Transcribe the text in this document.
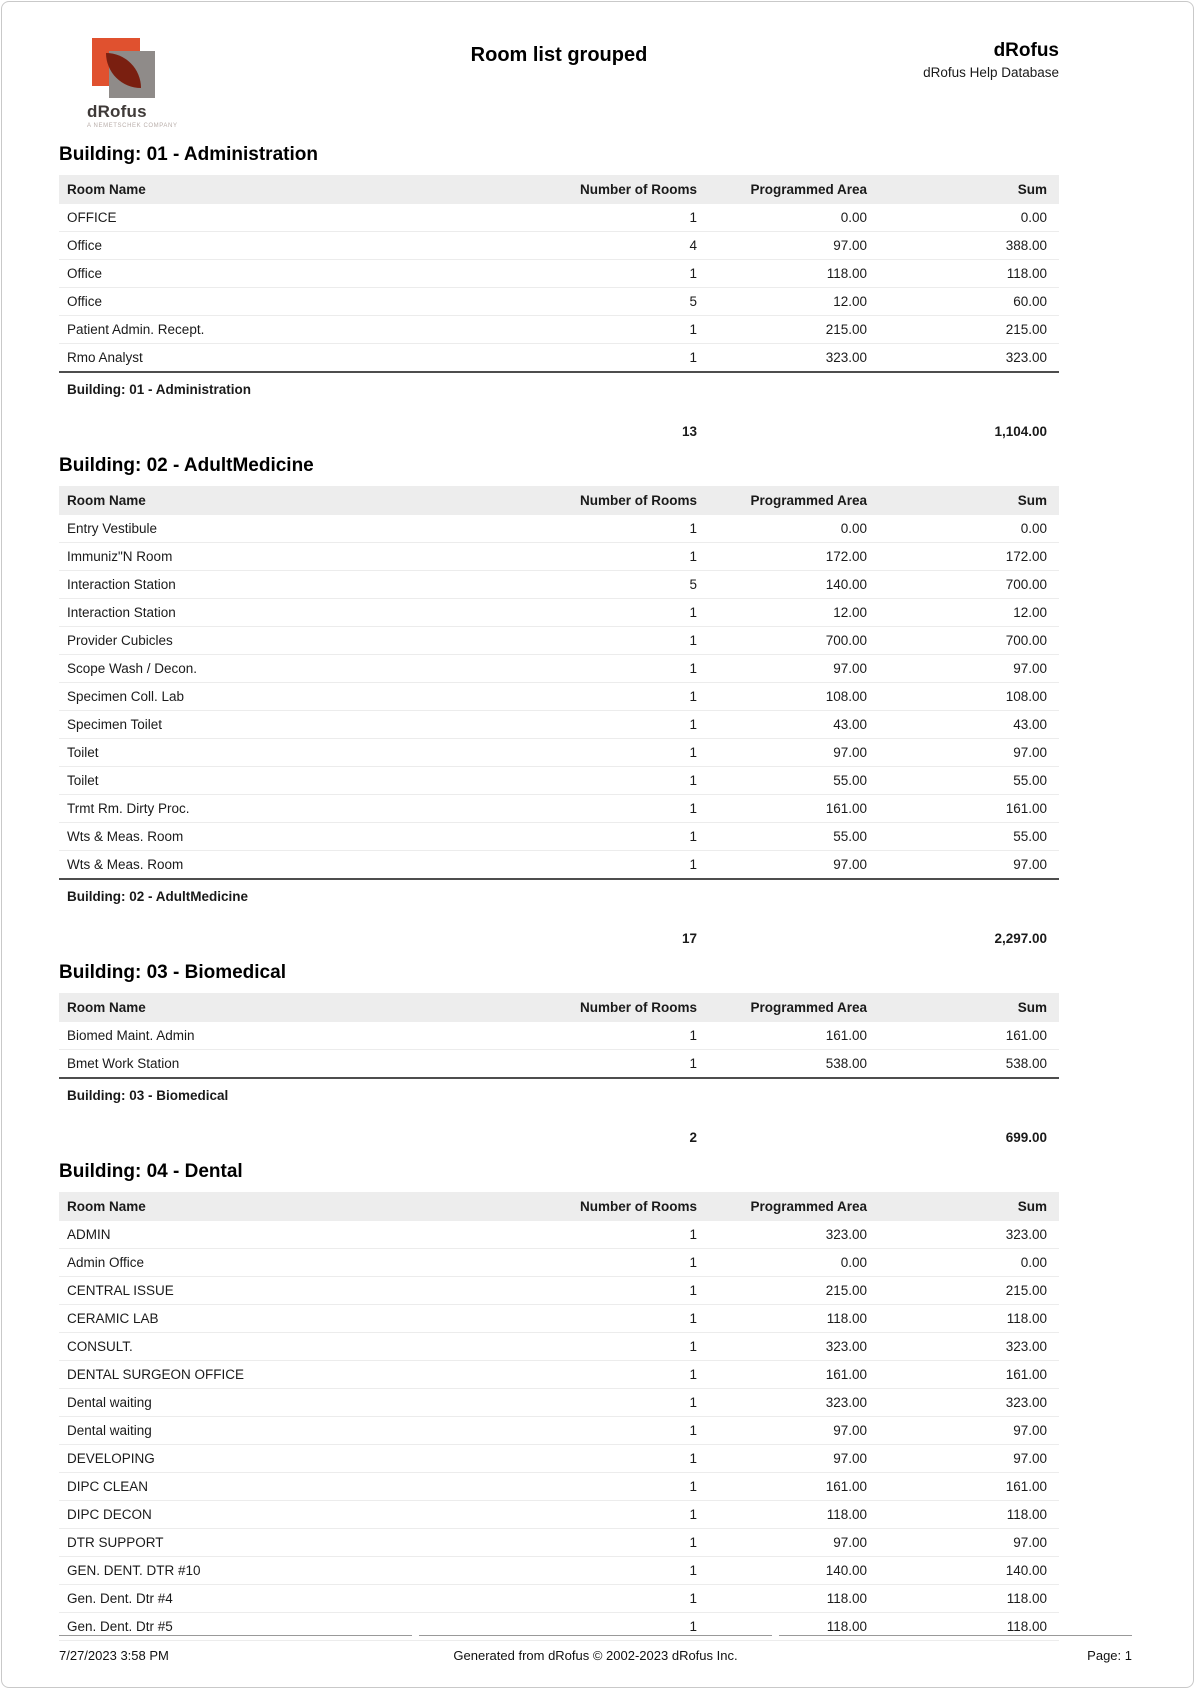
dRofus
A NEMETSCHEK COMPANY
Room list grouped	dRofus
dRofus Help Database
Building: 01 - Administration
Room Name	Number of Rooms	Programmed Area	Sum
OFFICE	1	0.00	0.00
Office	4	97.00	388.00
Office	1	118.00	118.00
Office	5	12.00	60.00
Patient Admin. Recept.	1	215.00	215.00
Rmo Analyst	1	323.00	323.00
Building: 01 - Administration
13	1,104.00
Building: 02 - AdultMedicine
Room Name	Number of Rooms	Programmed Area	Sum
Entry Vestibule	1	0.00	0.00
Immuniz"N Room	1	172.00	172.00
Interaction Station	5	140.00	700.00
Interaction Station	1	12.00	12.00
Provider Cubicles	1	700.00	700.00
Scope Wash / Decon.	1	97.00	97.00
Specimen Coll. Lab	1	108.00	108.00
Specimen Toilet	1	43.00	43.00
Toilet	1	97.00	97.00
Toilet	1	55.00	55.00
Trmt Rm. Dirty Proc.	1	161.00	161.00
Wts & Meas. Room	1	55.00	55.00
Wts & Meas. Room	1	97.00	97.00
Building: 02 - AdultMedicine
17	2,297.00
Building: 03 - Biomedical
Room Name	Number of Rooms	Programmed Area	Sum
Biomed Maint. Admin	1	161.00	161.00
Bmet Work Station	1	538.00	538.00
Building: 03 - Biomedical
2	699.00
Building: 04 - Dental
Room Name	Number of Rooms	Programmed Area	Sum
ADMIN	1	323.00	323.00
Admin Office	1	0.00	0.00
CENTRAL ISSUE	1	215.00	215.00
CERAMIC LAB	1	118.00	118.00
CONSULT.	1	323.00	323.00
DENTAL SURGEON OFFICE	1	161.00	161.00
Dental waiting	1	323.00	323.00
Dental waiting	1	97.00	97.00
DEVELOPING	1	97.00	97.00
DIPC CLEAN	1	161.00	161.00
DIPC DECON	1	118.00	118.00
DTR SUPPORT	1	97.00	97.00
GEN. DENT. DTR #10	1	140.00	140.00
Gen. Dent. Dtr #4	1	118.00	118.00
Gen. Dent. Dtr #5	1	118.00	118.00
7/27/2023 3:58 PM	Generated from dRofus © 2002-2023 dRofus Inc.	Page: 1
